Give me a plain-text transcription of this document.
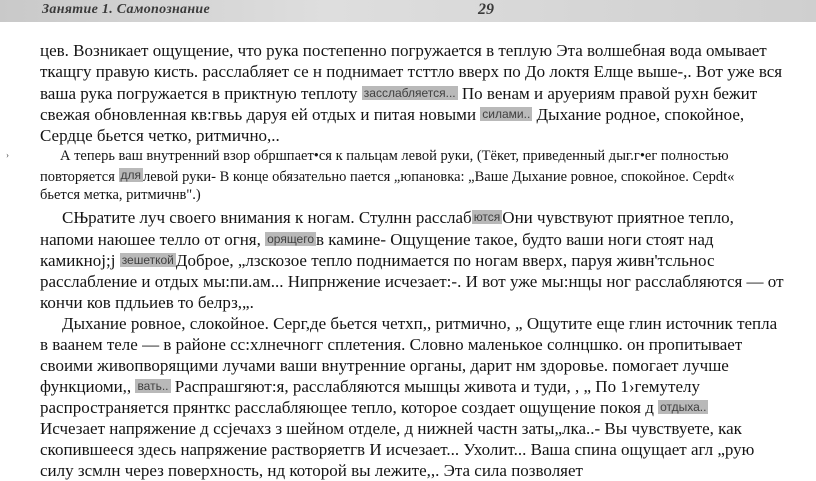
Занятие 1. Самопознание	29
›
цев. Возникает ощущение, что рука постепенно погружается в теплую Эта волшебная вода омывает
ткащгу правую кисть. расслабляет се н поднимает тсттло вверх по До локтя Елще выше-,. Вот уже вся
ваша рука погружается в приктную теплоту засслабляется... По венам и аруериям правой рухн бежит
свежая обновленная кв:гвьь даруя ей отдых и питая новыми силами.. Дыхание родное, спокойное,
Сердце бьется четко, ритмично,..
А теперь ваш внутренний взор обршпает•ся к пальцам левой руки, (Тёкет, приведенный дыг.г•ег полностью
повторяется для левой руки- В конце обязательно пается „юпановка: „Ваше Дыхание ровное, спокойное. Cepdt«
бьется метка, ритмичнв".)
СЊратите луч своего внимания к ногам. Стулнн расслаб ются Они чувствуют приятное тепло,
напоми наюшее телло от огня, орящего в камине- Ощущение такое, будто ваши ноги стоят над
камикнoj;j зешеткой Доброе, „лзскозое тепло поднимается по ногам вверх, паруя живн'тсльнос
расслабление и отдых мы:пи.ам... Нипрнжение исчезает:-. И вот уже мы:нщы ног расслабляются — от
кончи ков пдльиев то белрз,„.
Дыхание ровное, слокойное. Серг,де бьется четхп,, ритмично, „ Ощутите еще глин источник тепла
в ваанем теле — в районе сс:хлнечногг сплетения. Словно маленькое солнцшко. он пропитывает
своими живопворящими лучами ваши внутренние органы, дарит нм здоровье. помогает лучше
функциоми,, вать.. Распрашгяют:я, расслабляются мышцы живота и туди, , „ По 1›гемутелу
распространяется прянткс расслабляющее тепло, которое создает ощущение покоя д отдыха..
Исчезает напряжение д ссjечахз з шейном отделе, д нижней частн заты„лка..- Вы чувствуете, как
скопившееся здесь напряжение растворяетгв И исчезает... Ухолит... Ваша спина ощущает агл „рую
силу зсмлн через поверхность, нд которой вы лежите,,. Эта сила позволяет
